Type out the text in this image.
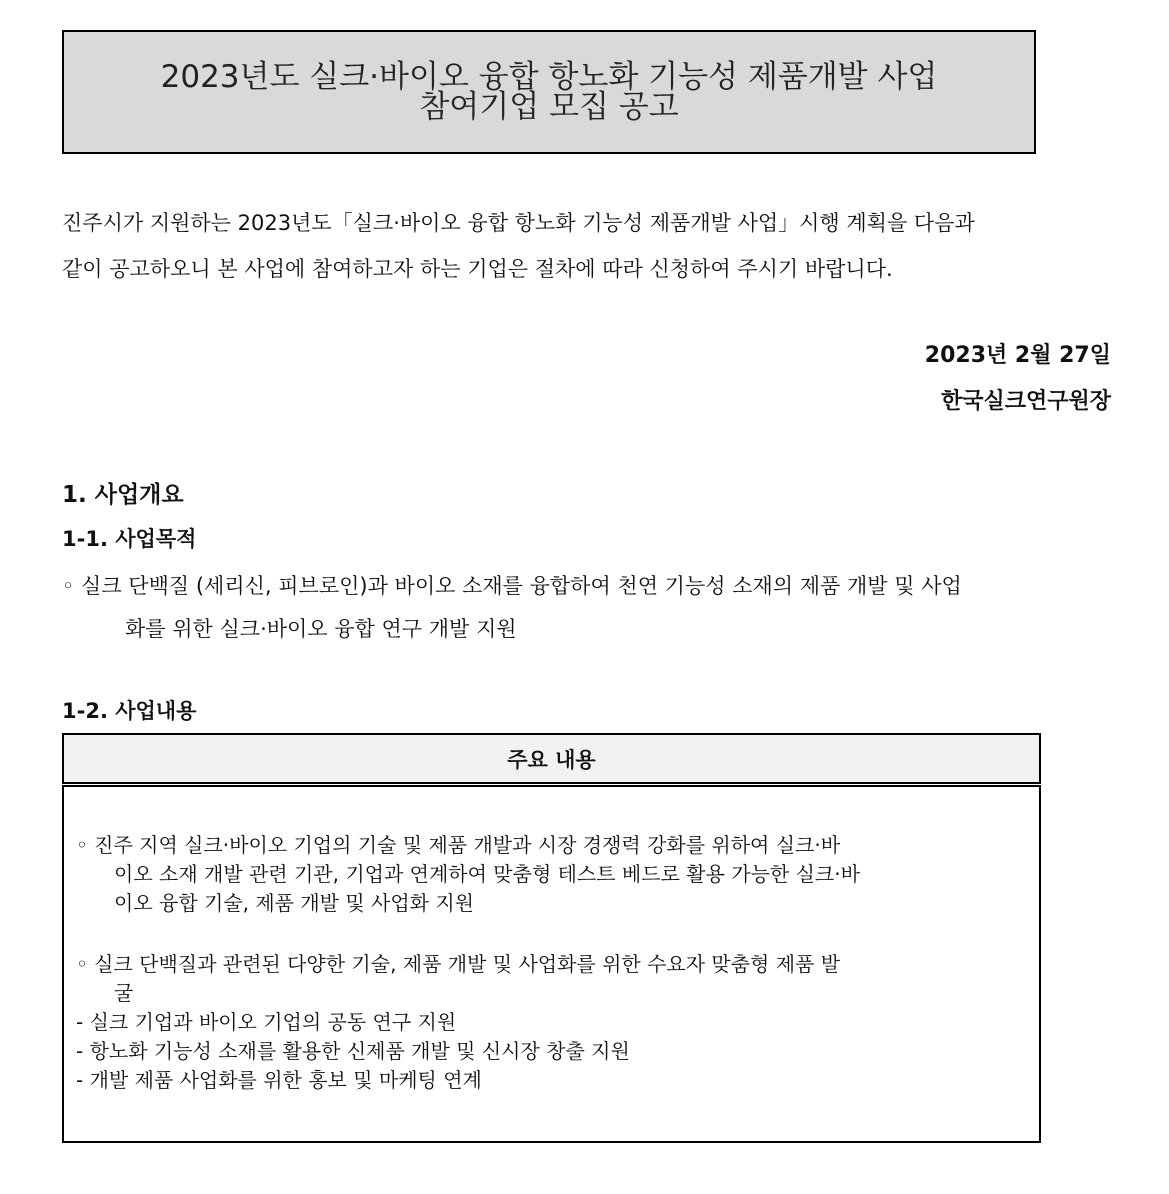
2023년도 실크·바이오 융합 항노화 기능성 제품개발 사업
참여기업 모집 공고

진주시가 지원하는 2023년도「실크·바이오 융합 항노화 기능성 제품개발 사업」시행 계획을 다음과

같이 공고하오니 본 사업에 참여하고자 하는 기업은 절차에 따라 신청하여 주시기 바랍니다.

2023년 2월 27일
한국실크연구원장
1. 사업개요
1-1. 사업목적

◦ 실크 단백질 (세리신, 피브로인)과 바이오 소재를 융합하여 천연 기능성 소재의 제품 개발 및 사업

화를 위한 실크·바이오 융합 연구 개발 지원

1-2. 사업내용
주요 내용

◦ 진주 지역 실크·바이오 기업의 기술 및 제품 개발과 시장 경쟁력 강화를 위하여 실크·바

이오 소재 개발 관련 기관, 기업과 연계하여 맞춤형 테스트 베드로 활용 가능한 실크·바

이오 융합 기술, 제품 개발 및 사업화 지원

◦ 실크 단백질과 관련된 다양한 기술, 제품 개발 및 사업화를 위한 수요자 맞춤형 제품 발

굴

- 실크 기업과 바이오 기업의 공동 연구 지원

- 항노화 기능성 소재를 활용한 신제품 개발 및 신시장 창출 지원

- 개발 제품 사업화를 위한 홍보 및 마케팅 연계
